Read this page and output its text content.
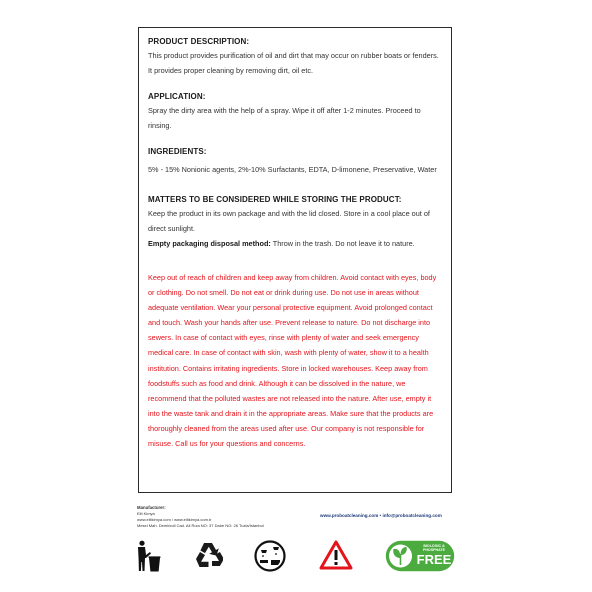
PRODUCT DESCRIPTION:

This product provides purification of oil and dirt that may occur on rubber boats or fenders. It provides proper cleaning by removing dirt, oil etc.

APPLICATION:

Spray the dirty area with the help of a spray. Wipe it off after 1-2 minutes. Proceed to rinsing.

INGREDIENTS:

5% - 15% Nonionic agents, 2%-10% Surfactants, EDTA, D-limonene, Preservative, Water

MATTERS TO BE CONSIDERED WHILE STORING THE PRODUCT:

Keep the product in its own package and with the lid closed. Store in a cool place out of direct sunlight.

Empty packaging disposal method: Throw in the trash. Do not leave it to nature.

Keep out of reach of children and keep away from children. Avoid contact with eyes, body or clothing. Do not smell. Do not eat or drink during use. Do not use in areas without adequate ventilation. Wear your personal protective equipment. Avoid prolonged contact and touch. Wash your hands after use. Prevent release to nature. Do not discharge into sewers. In case of contact with eyes, rinse with plenty of water and seek emergency medical care. In case of contact with skin, wash with plenty of water, show it to a health institution. Contains irritating ingredients. Store in locked warehouses. Keep away from foodstuffs such as food and drink. Although it can be dissolved in the nature, we recommend that the polluted wastes are not released into the nature. After use, empty it into the waste tank and drain it in the appropriate areas. Make sure that the products are thoroughly cleaned from the areas used after use. Our company is not responsible for misuse. Call us for your questions and concerns.

Manufacturer:
Elit Kimya
www.elitkimya.com / www.elitkimya.com.tr
Mesel Mah. Demirkoll Cad. Ali Rıza NO: 37 Daire NO: 26 Tuzla/İstanbul
www.proboatcleaning.com • info@proboatcleaning.com
BIOLOGIC &
PHOSPHATE
FREE
